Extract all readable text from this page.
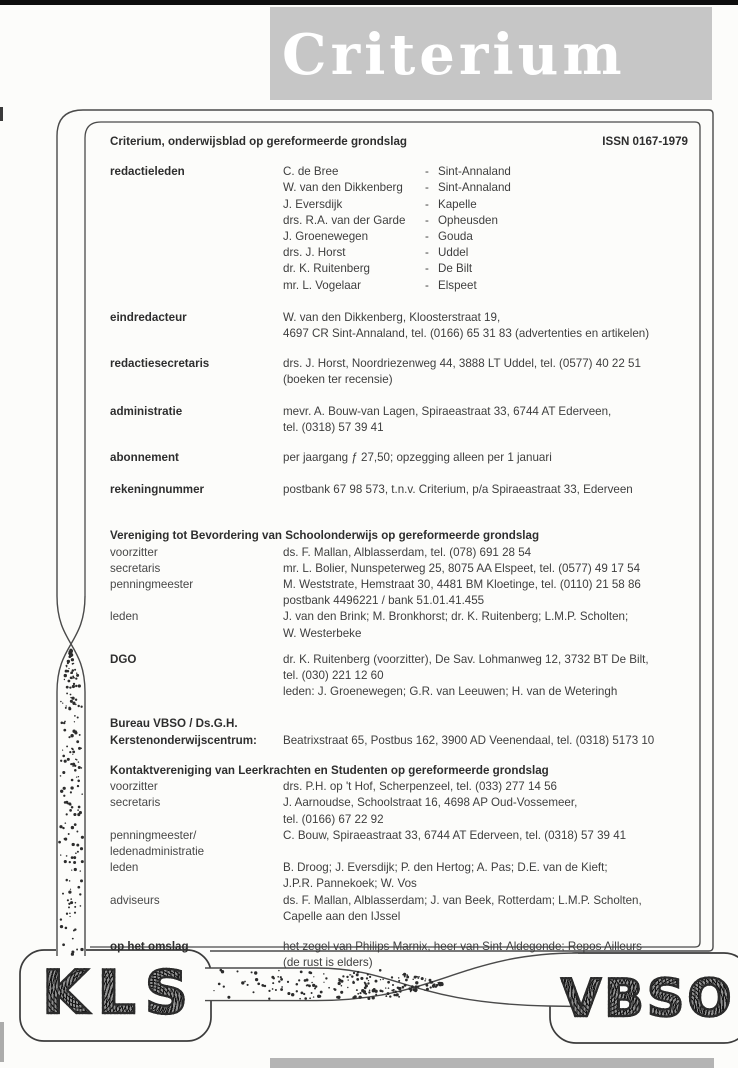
Criterium
Criterium, onderwijsblad op gereformeerde grondslag	ISSN 0167-1979
redactieleden	C. de Bree	- Sint-Annaland
W. van den Dikkenberg - Sint-Annaland
J. Eversdijk	- Kapelle
drs. R.A. van der Garde - Opheusden
J. Groenewegen	- Gouda
drs. J. Horst	- Uddel
dr. K. Ruitenberg	- De Bilt
mr. L. Vogelaar	- Elspeet
eindredacteur	W. van den Dikkenberg, Kloosterstraat 19,
4697 CR Sint-Annaland, tel. (0166) 65 31 83 (advertenties en artikelen)
redactiesecretaris	drs. J. Horst, Noordriezenweg 44, 3888 LT Uddel, tel. (0577) 40 22 51
(boeken ter recensie)
administratie	mevr. A. Bouw-van Lagen, Spiraeastraat 33, 6744 AT Ederveen,
tel. (0318) 57 39 41
abonnement	per jaargang ƒ 27,50; opzegging alleen per 1 januari
rekeningnummer	postbank 67 98 573, t.n.v. Criterium, p/a Spiraeastraat 33, Ederveen
Vereniging tot Bevordering van Schoolonderwijs op gereformeerde grondslag
voorzitter	ds. F. Mallan, Alblasserdam, tel. (078) 691 28 54
secretaris	mr. L. Bolier, Nunspeterweg 25, 8075 AA Elspeet, tel. (0577) 49 17 54
penningmeester	M. Weststrate, Hemstraat 30, 4481 BM Kloetinge, tel. (0110) 21 58 86
postbank 4496221 / bank 51.01.41.455
leden	J. van den Brink; M. Bronkhorst; dr. K. Ruitenberg; L.M.P. Scholten;
W. Westerbeke
DGO	dr. K. Ruitenberg (voorzitter), De Sav. Lohmanweg 12, 3732 BT De Bilt,
tel. (030) 221 12 60
leden: J. Groenewegen; G.R. van Leeuwen; H. van de Weteringh
Bureau VBSO / Ds.G.H.
Kerstenonderwijscentrum:	Beatrixstraat 65, Postbus 162, 3900 AD Veenendaal, tel. (0318) 5173 10
Kontaktvereniging van Leerkrachten en Studenten op gereformeerde grondslag
voorzitter	drs. P.H. op 't Hof, Scherpenzeel, tel. (033) 277 14 56
secretaris	J. Aarnoudse, Schoolstraat 16, 4698 AP Oud-Vossemeer,
tel. (0166) 67 22 92
penningmeester/
ledenadministratie
C. Bouw, Spiraeastraat 33, 6744 AT Ederveen, tel. (0318) 57 39 41
leden	B. Droog; J. Eversdijk; P. den Hertog; A. Pas; D.E. van de Kieft;
J.P.R. Pannekoek; W. Vos
adviseurs	ds. F. Mallan, Alblasserdam; J. van Beek, Rotterdam; L.M.P. Scholten,
Capelle aan den IJssel
op het omslag	het zegel van Philips Marnix, heer van Sint-Aldegonde; Repos Ailleurs
(de rust is elders)
KLS	VBSO
